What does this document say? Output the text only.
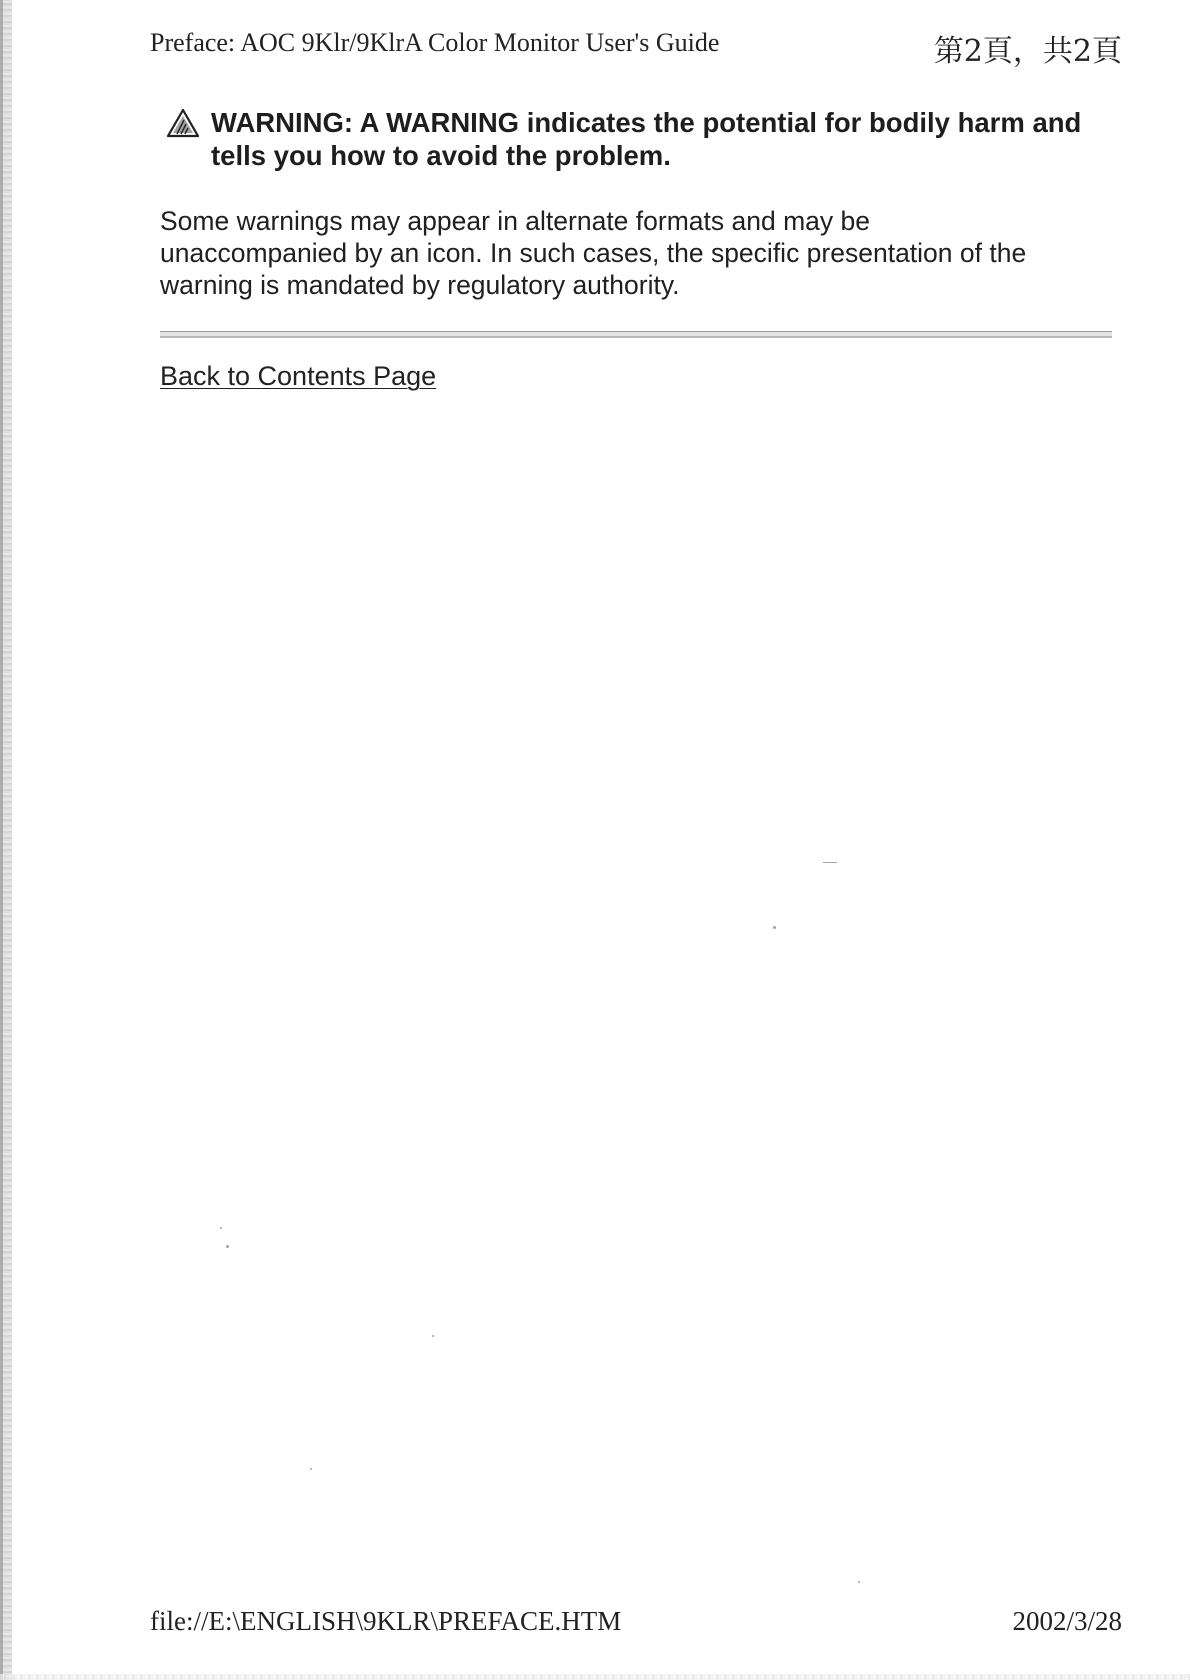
Preface: AOC 9Klr/9KlrA Color Monitor User's Guide	第2頁，共2頁
WARNING: A WARNING indicates the potential for bodily harm and
tells you how to avoid the problem.
Some warnings may appear in alternate formats and may be
unaccompanied by an icon. In such cases, the specific presentation of the
warning is mandated by regulatory authority.
Back to Contents Page
file://E:\ENGLISH\9KLR\PREFACE.HTM	2002/3/28
